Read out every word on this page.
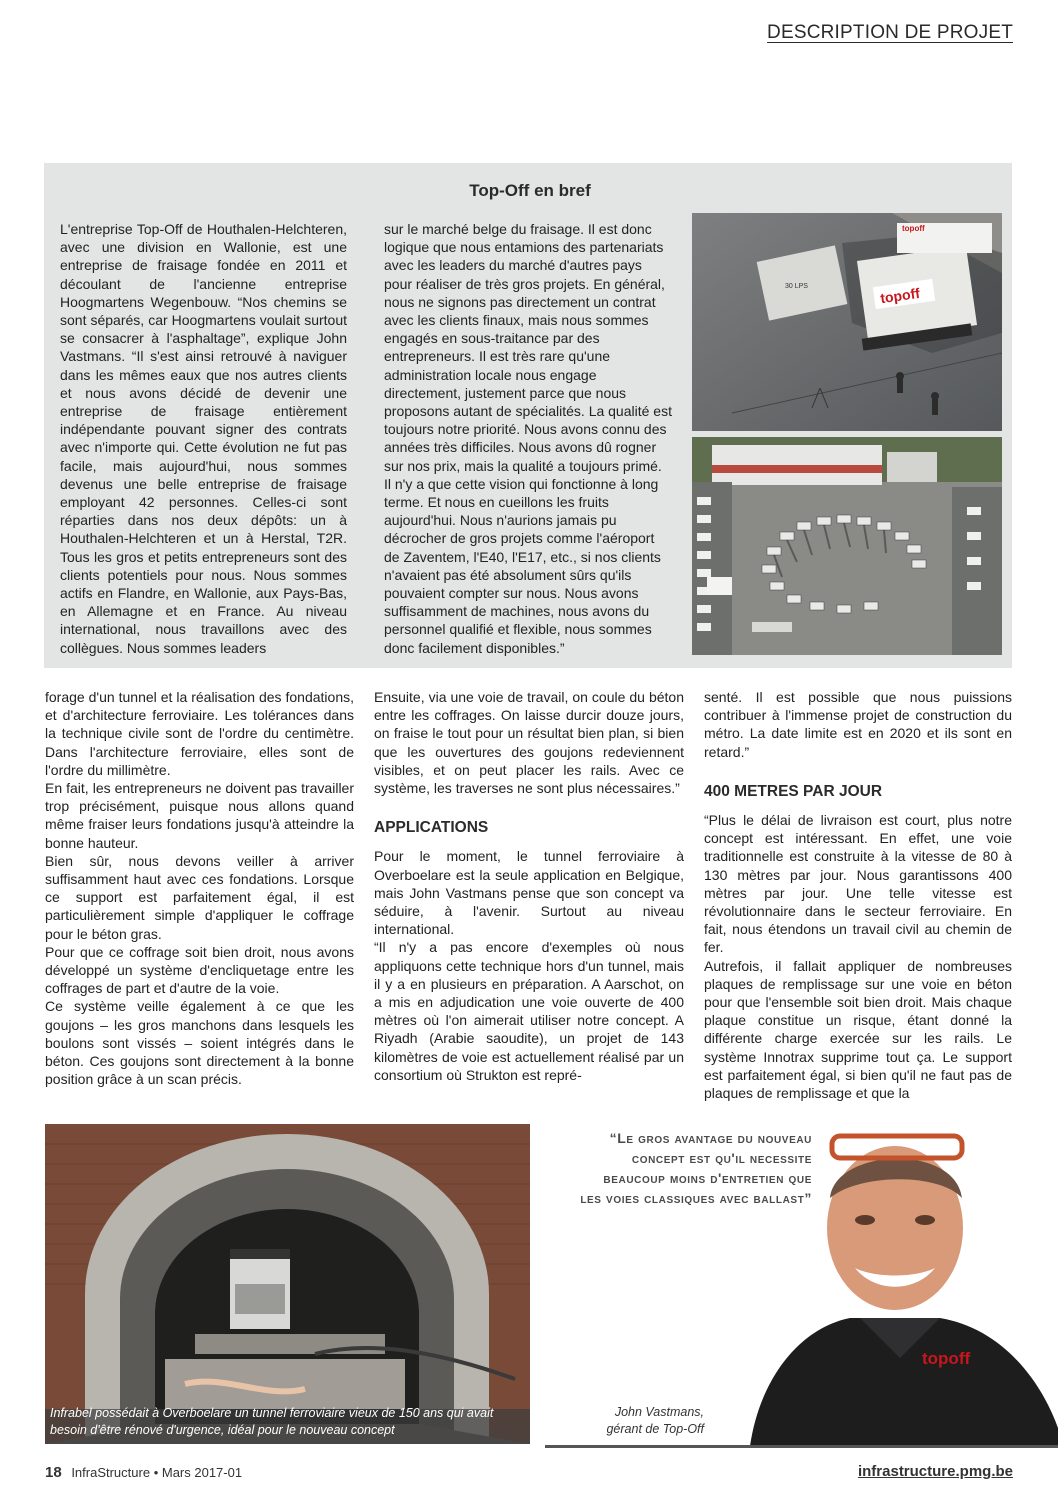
DESCRIPTION DE PROJET
Top-Off en bref

L'entreprise Top-Off de Houthalen-Helchteren, avec une division en Wallonie, est une entreprise de fraisage fondée en 2011 et découlant de l'ancienne entreprise Hoogmartens Wegenbouw. “Nos chemins se sont séparés, car Hoogmartens voulait surtout se consacrer à l'asphaltage”, explique John Vastmans. “Il s'est ainsi retrouvé à naviguer dans les mêmes eaux que nos autres clients et nous avons décidé de devenir une entreprise de fraisage entièrement indépendante pouvant signer des contrats avec n'importe qui. Cette évolution ne fut pas facile, mais aujourd'hui, nous sommes devenus une belle entreprise de fraisage employant 42 personnes. Celles-ci sont réparties dans nos deux dépôts: un à Houthalen-Helchteren et un à Herstal, T2R. Tous les gros et petits entrepreneurs sont des clients potentiels pour nous. Nous sommes actifs en Flandre, en Wallonie, aux Pays-Bas, en Allemagne et en France. Au niveau international, nous travaillons avec des collègues. Nous sommes leaders

sur le marché belge du fraisage. Il est donc logique que nous entamions des partenariats avec les leaders du marché d'autres pays pour réaliser de très gros projets. En général, nous ne signons pas directement un contrat avec les clients finaux, mais nous sommes engagés en sous-traitance par des entrepreneurs. Il est très rare qu'une administration locale nous engage directement, justement parce que nous proposons autant de spécialités. La qualité est toujours notre priorité. Nous avons connu des années très difficiles. Nous avons dû rogner sur nos prix, mais la qualité a toujours primé. Il n'y a que cette vision qui fonctionne à long terme. Et nous en cueillons les fruits aujourd'hui. Nous n'aurions jamais pu décrocher de gros projets comme l'aéroport de Zaventem, l'E40, l'E17, etc., si nos clients n'avaient pas été absolument sûrs qu'ils pouvaient compter sur nous. Nous avons suffisamment de machines, nous avons du personnel qualifié et flexible, nous sommes donc facilement disponibles.”

topoff
topoff
30 LPS

forage d'un tunnel et la réalisation des fondations, et d'architecture ferroviaire. Les tolérances dans la technique civile sont de l'ordre du centimètre. Dans l'architecture ferroviaire, elles sont de l'ordre du millimètre.

En fait, les entrepreneurs ne doivent pas travailler trop précisément, puisque nous allons quand même fraiser leurs fondations jusqu'à atteindre la bonne hauteur.

Bien sûr, nous devons veiller à arriver suffisamment haut avec ces fondations. Lorsque ce support est parfaitement égal, il est particulièrement simple d'appliquer le coffrage pour le béton gras.

Pour que ce coffrage soit bien droit, nous avons développé un système d'encliquetage entre les coffrages de part et d'autre de la voie.

Ce système veille également à ce que les goujons – les gros manchons dans lesquels les boulons sont vissés – soient intégrés dans le béton. Ces goujons sont directement à la bonne position grâce à un scan précis.

Ensuite, via une voie de travail, on coule du béton entre les coffrages. On laisse durcir douze jours, on fraise le tout pour un résultat bien plan, si bien que les ouvertures des goujons redeviennent visibles, et on peut placer les rails. Avec ce système, les traverses ne sont plus nécessaires.”

APPLICATIONS

Pour le moment, le tunnel ferroviaire à Overboelare est la seule application en Belgique, mais John Vastmans pense que son concept va séduire, à l'avenir. Surtout au niveau international.

“Il n'y a pas encore d'exemples où nous appliquons cette technique hors d'un tunnel, mais il y a en plusieurs en préparation. A Aarschot, on a mis en adjudication une voie ouverte de 400 mètres où l'on aimerait utiliser notre concept. A Riyadh (Arabie saoudite), un projet de 143 kilomètres de voie est actuellement réalisé par un consortium où Strukton est repré-

senté. Il est possible que nous puissions contribuer à l'immense projet de construction du métro. La date limite est en 2020 et ils sont en retard.”

400 METRES PAR JOUR

“Plus le délai de livraison est court, plus notre concept est intéressant. En effet, une voie traditionnelle est construite à la vitesse de 80 à 130 mètres par jour. Nous garantissons 400 mètres par jour. Une telle vitesse est révolutionnaire dans le secteur ferroviaire. En fait, nous étendons un travail civil au chemin de fer.

Autrefois, il fallait appliquer de nombreuses plaques de remplissage sur une voie en béton pour que l'ensemble soit bien droit. Mais chaque plaque constitue un risque, étant donné la différente charge exercée sur les rails. Le système Innotrax supprime tout ça. Le support est parfaitement égal, si bien qu'il ne faut pas de plaques de remplissage et que la

Infrabel possédait à Overboelare un tunnel ferroviaire vieux de 150 ans qui avait besoin d'être rénové d'urgence, idéal pour le nouveau concept
“Le gros avantage du nouveau
concept est qu'il necessite
beaucoup moins d'entretien que
les voies classiques avec ballast”
topoff
John Vastmans,
gérant de Top-Off
18 InfraStructure • Mars 2017-01	infrastructure.pmg.be
